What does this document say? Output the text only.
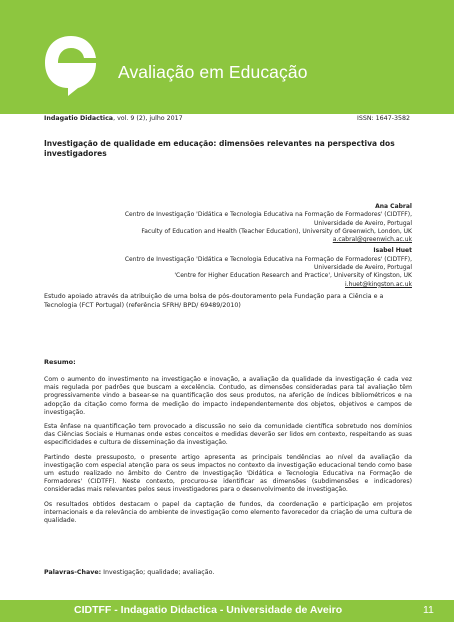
Avaliação em Educação
Indagatio Didactica, vol. 9 (2), julho 2017	ISSN: 1647-3582
Investigação de qualidade em educação: dimensões relevantes na perspectiva dos investigadores
Ana Cabral
Centro de Investigação 'Didática e Tecnologia Educativa na Formação de Formadores' (CIDTFF),
Universidade de Aveiro, Portugal
Faculty of Education and Health (Teacher Education), University of Greenwich, London, UK
a.cabral@greenwich.ac.uk
Isabel Huet
Centro de Investigação 'Didática e Tecnologia Educativa na Formação de Formadores' (CIDTFF),
Universidade de Aveiro, Portugal
'Centre for Higher Education Research and Practice', University of Kingston, UK
i.huet@kingston.ac.uk
Estudo apoiado através da atribuição de uma bolsa de pós-doutoramento pela Fundação para a Ciência e a Tecnologia (FCT Portugal) (referência SFRH/ BPD/ 69489/2010)
Resumo:

Com o aumento do investimento na investigação e inovação, a avaliação da qualidade da investigação é cada vez mais regulada por padrões que buscam a excelência. Contudo, as dimensões consideradas para tal avaliação têm progressivamente vindo a basear-se na quantificação dos seus produtos, na aferição de índices bibliométricos e na adopção da citação como forma de medição do impacto independentemente dos objetos, objetivos e campos de investigação.

Esta ênfase na quantificação tem provocado a discussão no seio da comunidade científica sobretudo nos domínios das Ciências Sociais e Humanas onde estes conceitos e medidas deverão ser lidos em contexto, respeitando as suas especificidades e cultura de disseminação da investigação.

Partindo deste pressuposto, o presente artigo apresenta as principais tendências ao nível da avaliação da investigação com especial atenção para os seus impactos no contexto da investigação educacional tendo como base um estudo realizado no âmbito do Centro de Investigação 'Didática e Tecnologia Educativa na Formação de Formadores' (CIDTFF). Neste contexto, procurou-se identificar as dimensões (subdimensões e indicadores) consideradas mais relevantes pelos seus investigadores para o desenvolvimento de investigação.

Os resultados obtidos destacam o papel da captação de fundos, da coordenação e participação em projetos internacionais e da relevância do ambiente de investigação como elemento favorecedor da criação de uma cultura de qualidade.

Palavras-Chave: Investigação; qualidade; avaliação.
CIDTFF - Indagatio Didactica - Universidade de Aveiro	11
